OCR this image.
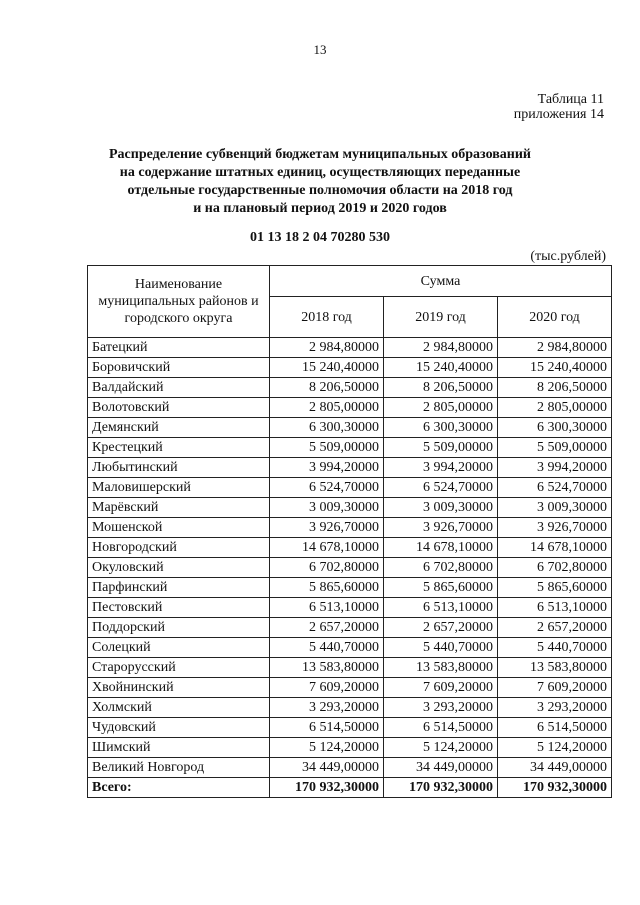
13
Таблица 11
приложения 14
Распределение субвенций бюджетам муниципальных образований
на содержание штатных единиц, осуществляющих переданные
отдельные государственные полномочия области на 2018 год
и на плановый период 2019 и 2020 годов
01 13 18 2 04 70280 530
(тыс.рублей)
Наименование муниципальных районов и городского округа	Сумма		
	2018 год	2019 год	2020 год
Батецкий	2 984,80000	2 984,80000	2 984,80000
Боровичский	15 240,40000	15 240,40000	15 240,40000
Валдайский	8 206,50000	8 206,50000	8 206,50000
Волотовский	2 805,00000	2 805,00000	2 805,00000
Демянский	6 300,30000	6 300,30000	6 300,30000
Крестецкий	5 509,00000	5 509,00000	5 509,00000
Любытинский	3 994,20000	3 994,20000	3 994,20000
Маловишерский	6 524,70000	6 524,70000	6 524,70000
Марёвский	3 009,30000	3 009,30000	3 009,30000
Мошенской	3 926,70000	3 926,70000	3 926,70000
Новгородский	14 678,10000	14 678,10000	14 678,10000
Окуловский	6 702,80000	6 702,80000	6 702,80000
Парфинский	5 865,60000	5 865,60000	5 865,60000
Пестовский	6 513,10000	6 513,10000	6 513,10000
Поддорский	2 657,20000	2 657,20000	2 657,20000
Солецкий	5 440,70000	5 440,70000	5 440,70000
Старорусский	13 583,80000	13 583,80000	13 583,80000
Хвойнинский	7 609,20000	7 609,20000	7 609,20000
Холмский	3 293,20000	3 293,20000	3 293,20000
Чудовский	6 514,50000	6 514,50000	6 514,50000
Шимский	5 124,20000	5 124,20000	5 124,20000
Великий Новгород	34 449,00000	34 449,00000	34 449,00000
Всего:	170 932,30000	170 932,30000	170 932,30000
